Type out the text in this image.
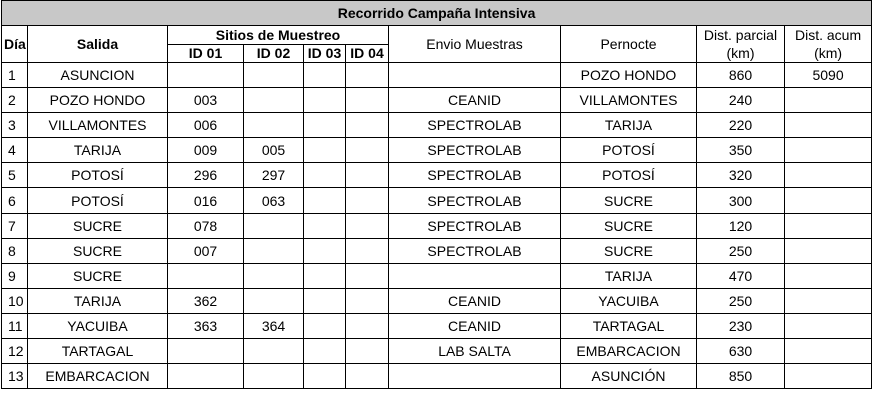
Recorrido Campaña Intensiva									
Día	Salida	Sitios de Muestreo				Envio Muestras	Pernocte	Dist. parcial
(km)	Dist. acum
(km)

		ID 01	ID 02	ID 03	ID 04				
1	ASUNCION						POZO HONDO	860	5090
2	POZO HONDO	003				CEANID	VILLAMONTES	240	
3	VILLAMONTES	006				SPECTROLAB	TARIJA	220	
4	TARIJA	009	005			SPECTROLAB	POTOSÍ	350	
5	POTOSÍ	296	297			SPECTROLAB	POTOSÍ	320	
6	POTOSÍ	016	063			SPECTROLAB	SUCRE	300	
7	SUCRE	078				SPECTROLAB	SUCRE	120	
8	SUCRE	007				SPECTROLAB	SUCRE	250	
9	SUCRE						TARIJA	470	
10	TARIJA	362				CEANID	YACUIBA	250	
11	YACUIBA	363	364			CEANID	TARTAGAL	230	
12	TARTAGAL					LAB SALTA	EMBARCACION	630	
13	EMBARCACION						ASUNCIÓN	850	
